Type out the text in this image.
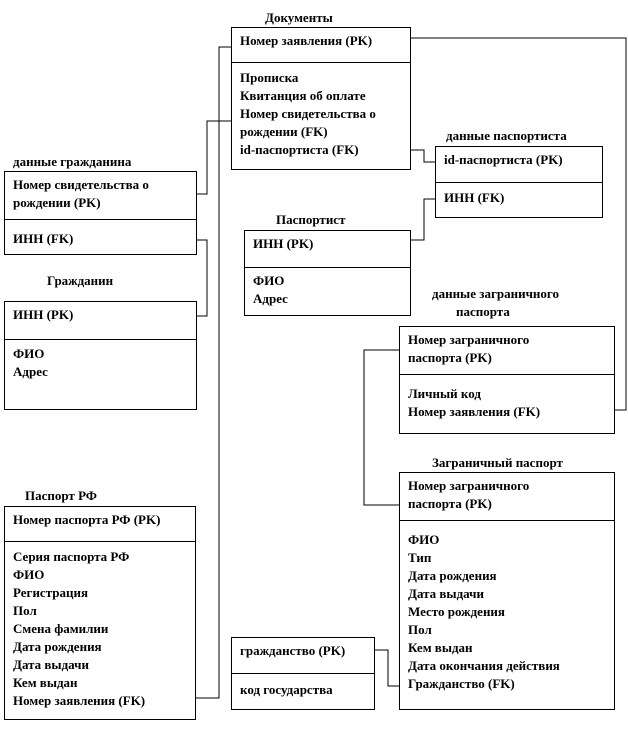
Документы
Номер заявления (PK)
Прописка
Квитанция об оплате
Номер свидетельства о
рождении (FK)
id-паспортиста (FK)
данные гражданина
Номер свидетельства о
рождении (PK)
ИНН (FK)
Гражданин
ИНН (PK)
ФИО
Адрес
данные паспортиста
id-паспортиста (PK)
ИНН (FK)
Паспортист
ИНН (PK)
ФИО
Адрес	данные заграничного
паспорта
Номер заграничного
паспорта (PK)
Личный код
Номер заявления (FK)
Паспорт РФ
Номер паспорта РФ (PK)
Серия паспорта РФ
ФИО
Регистрация
Пол
Смена фамилии
Дата рождения
Дата выдачи
Кем выдан
Номер заявления (FK)
Заграничный паспорт
Номер заграничного
паспорта (PK)
ФИО
Тип
Дата рождения
Дата выдачи
Место рождения
Пол
Кем выдан
Дата окончания действия
Гражданство (FK)
гражданство (PK)
код государства
